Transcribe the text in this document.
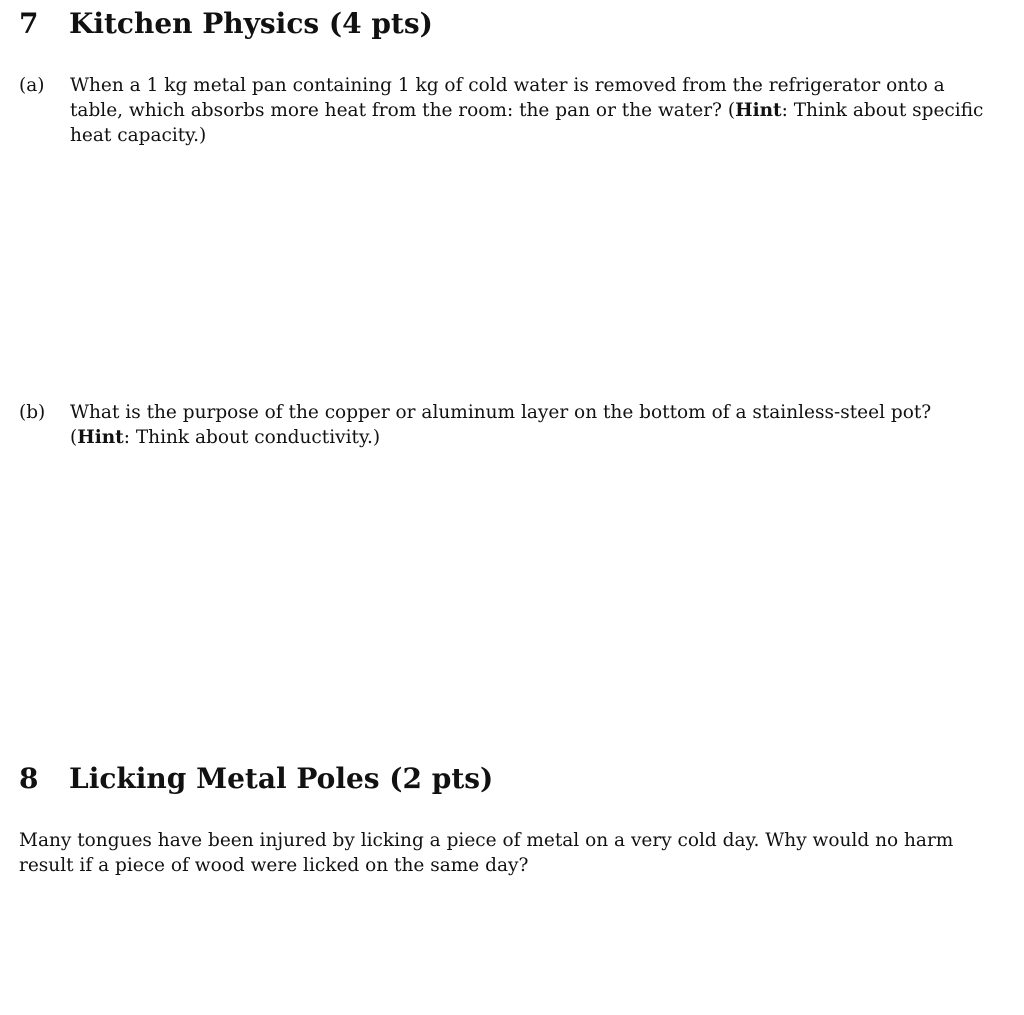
7 Kitchen Physics (4 pts)
(a)	When a 1 kg metal pan containing 1 kg of cold water is removed from the refrigerator onto a table, which absorbs more heat from the room: the pan or the water? (Hint: Think about specific heat capacity.)
(b)	What is the purpose of the copper or aluminum layer on the bottom of a stainless-steel pot? (Hint: Think about conductivity.)
8 Licking Metal Poles (2 pts)

Many tongues have been injured by licking a piece of metal on a very cold day. Why would no harm result if a piece of wood were licked on the same day?
